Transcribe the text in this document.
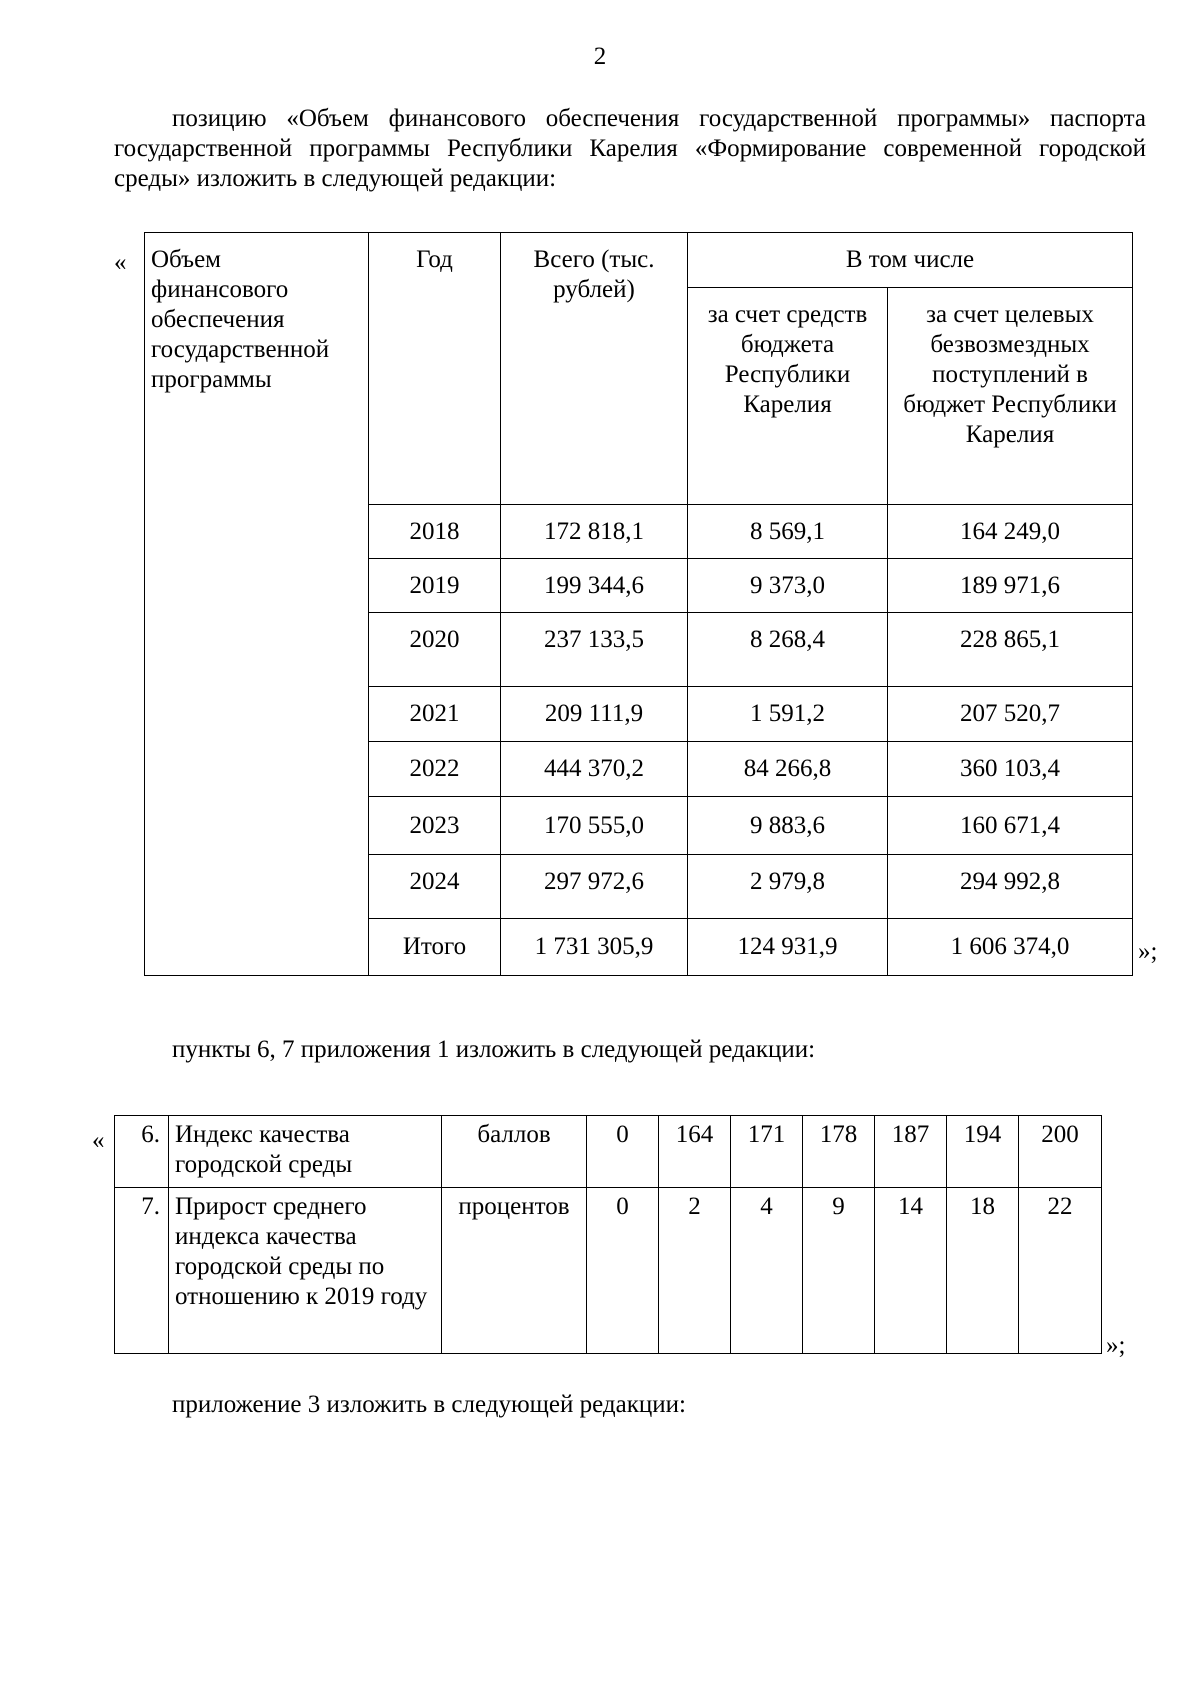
2
позицию «Объем финансового обеспечения государственной программы» паспорта государственной программы Республики Карелия «Формирование современной городской среды» изложить в следующей редакции:
« Объем финансового обеспечения государственной программы	Год	Всего (тыс. рублей)	В том числе	
			за счет средств бюджета Республики Карелия	за счет целевых безвозмездных поступлений в бюджет Республики Карелия
	2018	172 818,1	8 569,1	164 249,0
	2019	199 344,6	9 373,0	189 971,6
	2020	237 133,5	8 268,4	228 865,1
	2021	209 111,9	1 591,2	207 520,7
	2022	444 370,2	84 266,8	360 103,4
	2023	170 555,0	9 883,6	160 671,4
	2024	297 972,6	2 979,8	294 992,8
	Итого	1 731 305,9	124 931,9	1 606 374,0	»;
пункты 6, 7 приложения 1 изложить в следующей редакции:
« 6.	Индекс качества городской среды	баллов	0	164	171	178	187	194	200
7.	Прирост среднего индекса качества городской среды по отношению к 2019 году	процентов	0	2	4	9	14	18	22
»;
приложение 3 изложить в следующей редакции:
